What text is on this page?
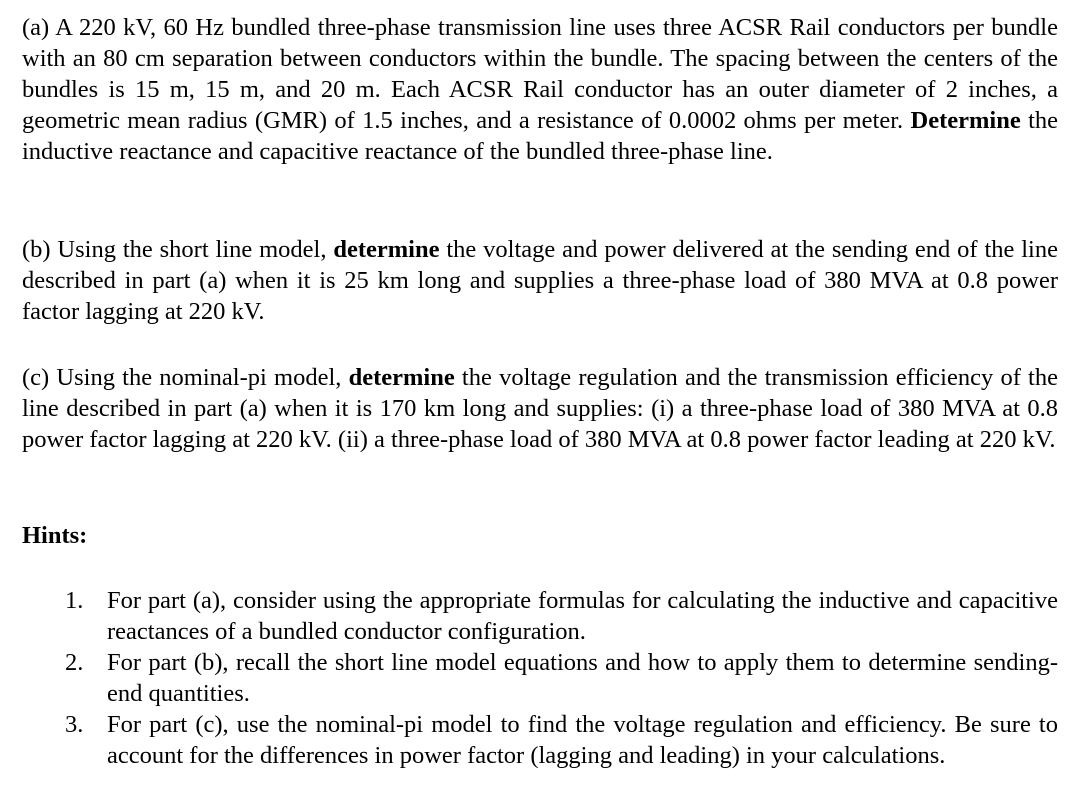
(a) A 220 kV, 60 Hz bundled three-phase transmission line uses three ACSR Rail conductors per bundle with an 80 cm separation between conductors within the bundle. The spacing between the centers of the bundles is 15 m, 15 m, and 20 m. Each ACSR Rail conductor has an outer diameter of 2 inches, a geometric mean radius (GMR) of 1.5 inches, and a resistance of 0.0002 ohms per meter. Determine the inductive reactance and capacitive reactance of the bundled three-phase line.

(b) Using the short line model, determine the voltage and power delivered at the sending end of the line described in part (a) when it is 25 km long and supplies a three-phase load of 380 MVA at 0.8 power factor lagging at 220 kV.

(c) Using the nominal-pi model, determine the voltage regulation and the transmission efficiency of the line described in part (a) when it is 170 km long and supplies: (i) a three-phase load of 380 MVA at 0.8 power factor lagging at 220 kV. (ii) a three-phase load of 380 MVA at 0.8 power factor leading at 220 kV.

Hints:

1. For part (a), consider using the appropriate formulas for calculating the inductive and capacitive reactances of a bundled conductor configuration.
2. For part (b), recall the short line model equations and how to apply them to determine sending-end quantities.
3. For part (c), use the nominal-pi model to find the voltage regulation and efficiency. Be sure to account for the differences in power factor (lagging and leading) in your calculations.
